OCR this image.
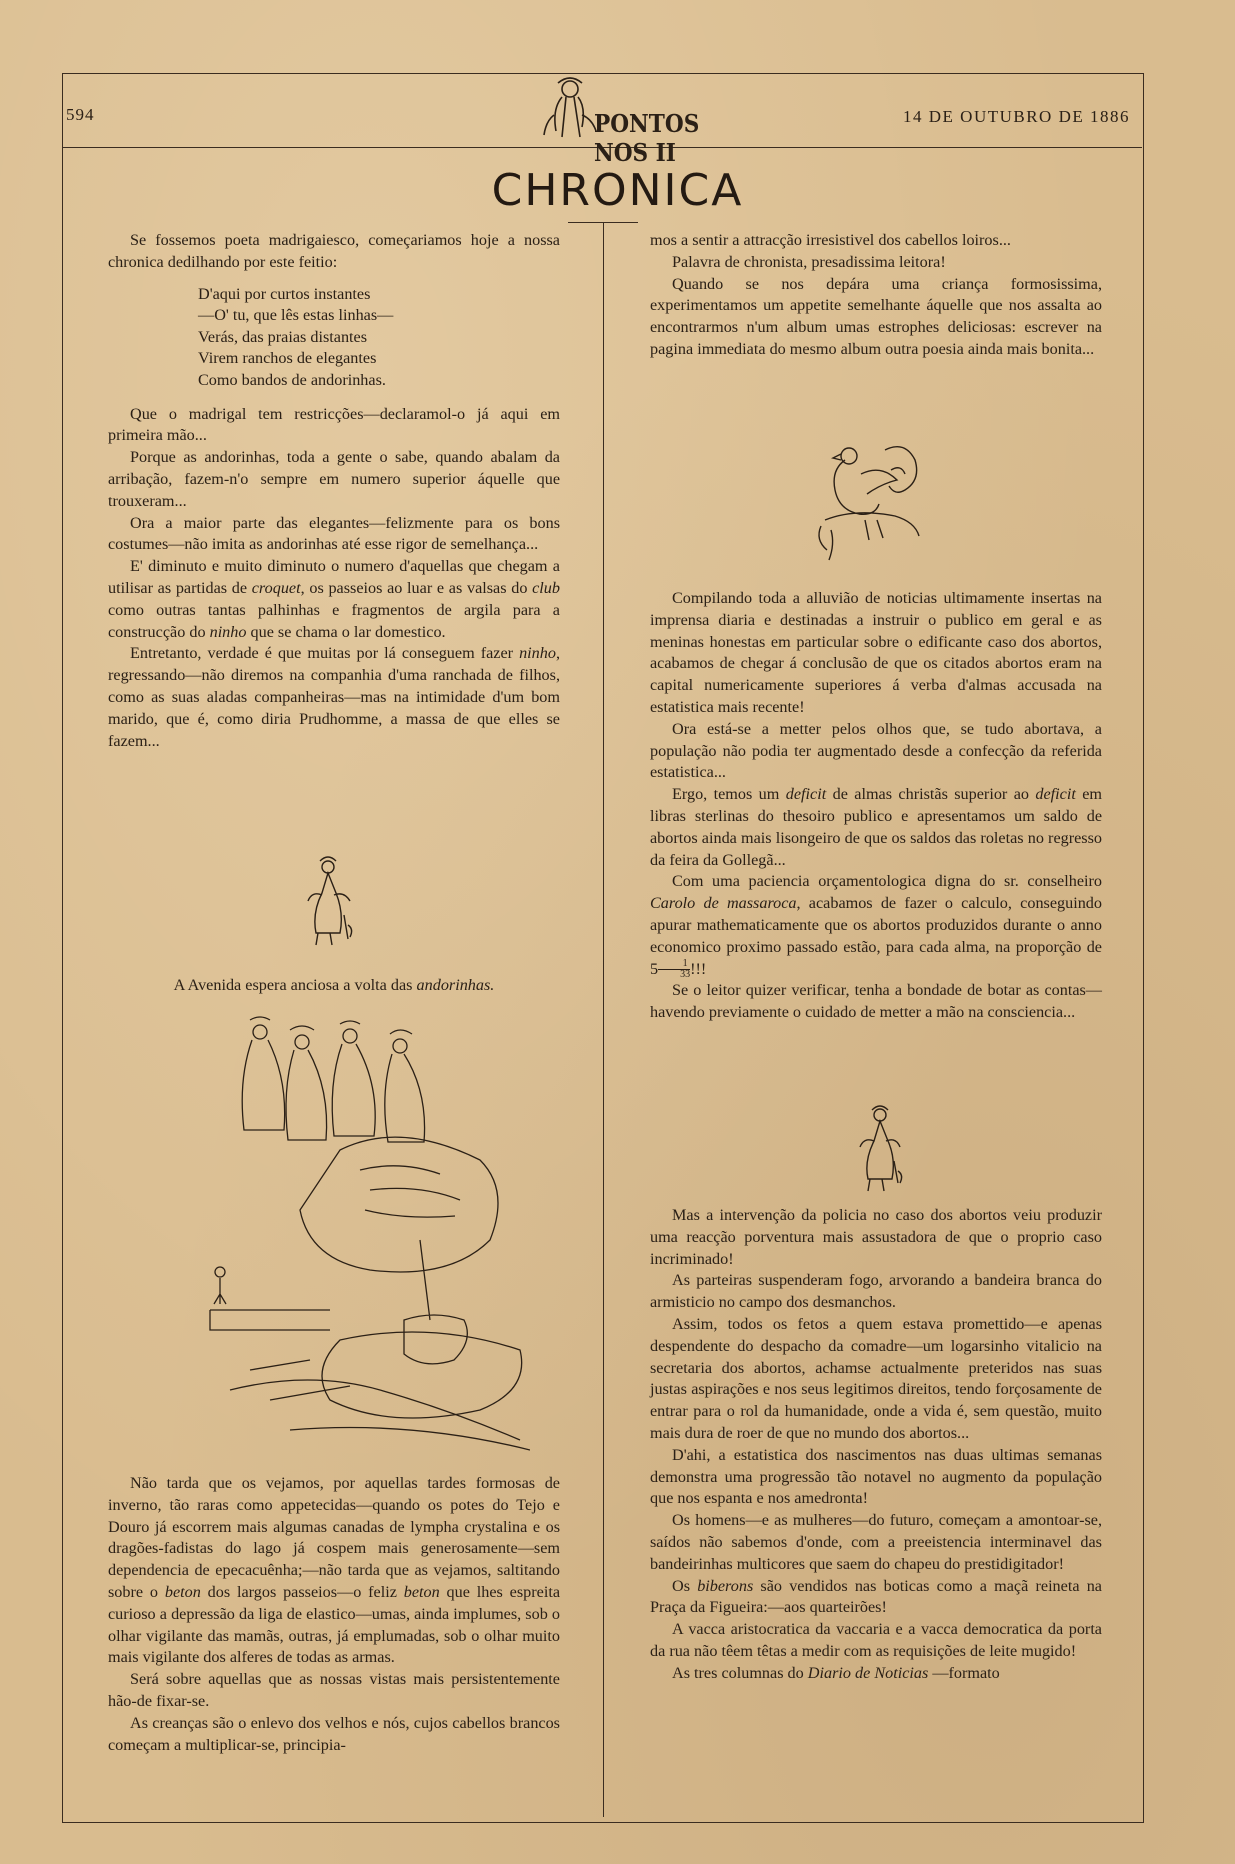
594	PONTOS NOS II
14 DE OUTUBRO DE 1886
CHRONICA

Se fossemos poeta madrigaiesco, começariamos hoje a nossa chronica dedilhando por este feitio:

D'aqui por curtos instantes
—O' tu, que lês estas linhas—
Verás, das praias distantes
Virem ranchos de elegantes
Como bandos de andorinhas.

Que o madrigal tem restricções—declaramol-o já aqui em primeira mão...

Porque as andorinhas, toda a gente o sabe, quando abalam da arribação, fazem-n'o sempre em numero superior áquelle que trouxeram...

Ora a maior parte das elegantes—felizmente para os bons costumes—não imita as andorinhas até esse rigor de semelhança...

E' diminuto e muito diminuto o numero d'aquellas que chegam a utilisar as partidas de croquet, os passeios ao luar e as valsas do club como outras tantas palhinhas e fragmentos de argila para a construcção do ninho que se chama o lar domestico.

Entretanto, verdade é que muitas por lá conseguem fazer ninho, regressando—não diremos na companhia d'uma ranchada de filhos, como as suas aladas companheiras—mas na intimidade d'um bom marido, que é, como diria Prudhomme, a massa de que elles se fazem...

A Avenida espera anciosa a volta das andorinhas.

Não tarda que os vejamos, por aquellas tardes formosas de inverno, tão raras como appetecidas—quando os potes do Tejo e Douro já escorrem mais algumas canadas de lympha crystalina e os dragões-fadistas do lago já cospem mais generosamente—sem dependencia de epecacuênha;—não tarda que as vejamos, saltitando sobre o beton dos largos passeios—o feliz beton que lhes espreita curioso a depressão da liga de elastico—umas, ainda implumes, sob o olhar vigilante das mamãs, outras, já emplumadas, sob o olhar muito mais vigilante dos alferes de todas as armas.

Será sobre aquellas que as nossas vistas mais persistentemente hão-de fixar-se.

As creanças são o enlevo dos velhos e nós, cujos cabellos brancos começam a multiplicar-se, principia-

mos a sentir a attracção irresistivel dos cabellos loiros...

Palavra de chronista, presadissima leitora!

Quando se nos depára uma criança formosissima, experimentamos um appetite semelhante áquelle que nos assalta ao encontrarmos n'um album umas estrophes deliciosas: escrever na pagina immediata do mesmo album outra poesia ainda mais bonita...

Compilando toda a alluvião de noticias ultimamente insertas na imprensa diaria e destinadas a instruir o publico em geral e as meninas honestas em particular sobre o edificante caso dos abortos, acabamos de chegar á conclusão de que os citados abortos eram na capital numericamente superiores á verba d'almas accusada na estatistica mais recente!

Ora está-se a metter pelos olhos que, se tudo abortava, a população não podia ter augmentado desde a confecção da referida estatistica...

Ergo, temos um deficit de almas christãs superior ao deficit em libras sterlinas do thesoiro publico e apresentamos um saldo de abortos ainda mais lisongeiro de que os saldos das roletas no regresso da feira da Gollegã...

Com uma paciencia orçamentologica digna do sr. conselheiro Carolo de massaroca, acabamos de fazer o calculo, conseguindo apurar mathematicamente que os abortos produzidos durante o anno economico proximo passado estão, para cada alma, na proporção de $5 \frac{1}{33}$ !!!

Se o leitor quizer verificar, tenha a bondade de botar as contas—havendo previamente o cuidado de metter a mão na consciencia...

Mas a intervenção da policia no caso dos abortos veiu produzir uma reacção porventura mais assustadora de que o proprio caso incriminado!

As parteiras suspenderam fogo, arvorando a bandeira branca do armisticio no campo dos desmanchos.

Assim, todos os fetos a quem estava promettido—e apenas despendente do despacho da comadre—um logarsinho vitalicio na secretaria dos abortos, achamse actualmente preteridos nas suas justas aspirações e nos seus legitimos direitos, tendo forçosamente de entrar para o rol da humanidade, onde a vida é, sem questão, muito mais dura de roer de que no mundo dos abortos...

D'ahi, a estatistica dos nascimentos nas duas ultimas semanas demonstra uma progressão tão notavel no augmento da população que nos espanta e nos amedronta!

Os homens—e as mulheres—do futuro, começam a amontoar-se, saídos não sabemos d'onde, com a preeistencia interminavel das bandeirinhas multicores que saem do chapeu do prestidigitador!

Os biberons são vendidos nas boticas como a maçã reineta na Praça da Figueira:—aos quarteirões!

A vacca aristocratica da vaccaria e a vacca democratica da porta da rua não têem têtas a medir com as requisições de leite mugido!

As tres columnas do Diario de Noticias —formato
